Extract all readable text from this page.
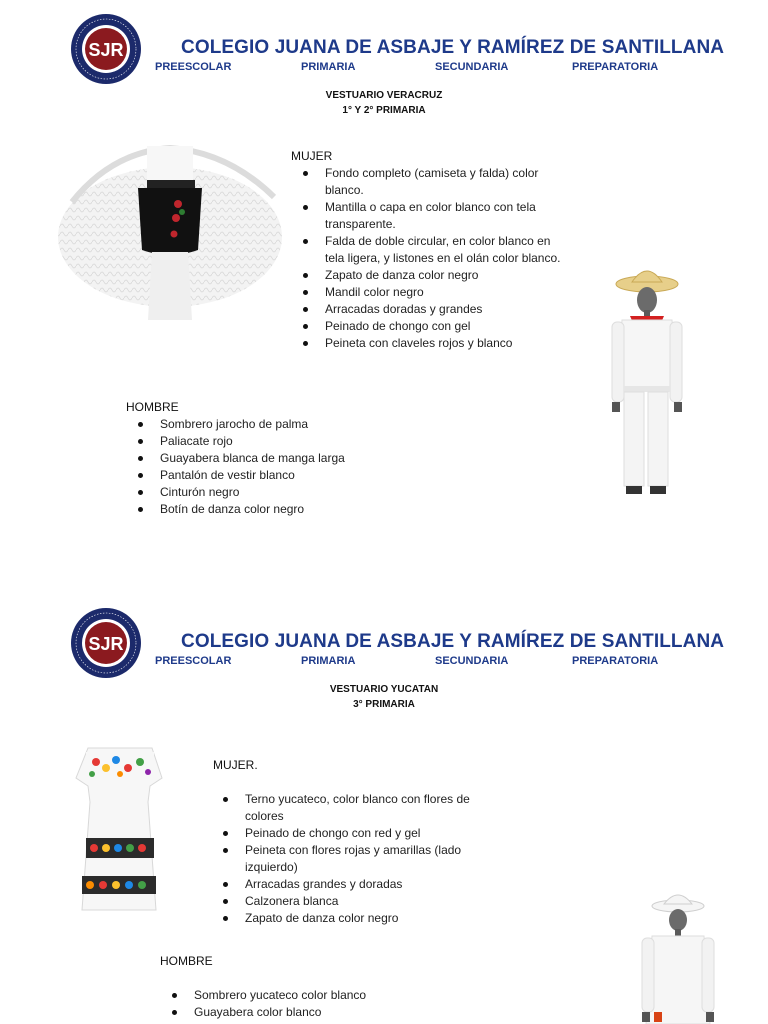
SJR	COLEGIO JUANA DE ASBAJE Y RAMÍREZ DE SANTILLANA
PREESCOLAR	PRIMARIA	SECUNDARIA	PREPARATORIA
VESTUARIO VERACRUZ
1° Y 2° PRIMARIA
MUJER
Fondo completo (camiseta y falda) color blanco.
Mantilla o capa en color blanco con tela transparente.
Falda de doble circular, en color blanco en tela ligera, y listones en el olán color blanco.
Zapato de danza color negro
Mandil color negro
Arracadas doradas y grandes
Peinado de chongo con gel
Peineta con claveles rojos y blanco
HOMBRE
Sombrero jarocho de palma
Paliacate rojo
Guayabera blanca de manga larga
Pantalón de vestir blanco
Cinturón negro
Botín de danza color negro
SJR	COLEGIO JUANA DE ASBAJE Y RAMÍREZ DE SANTILLANA
PREESCOLAR	PRIMARIA	SECUNDARIA	PREPARATORIA
VESTUARIO YUCATAN
3° PRIMARIA
MUJER.
Terno yucateco, color blanco con flores de colores
Peinado de chongo con red y gel
Peineta con flores rojas y amarillas (lado izquierdo)
Arracadas grandes y doradas
Calzonera blanca
Zapato de danza color negro
HOMBRE
Sombrero yucateco color blanco
Guayabera color blanco
